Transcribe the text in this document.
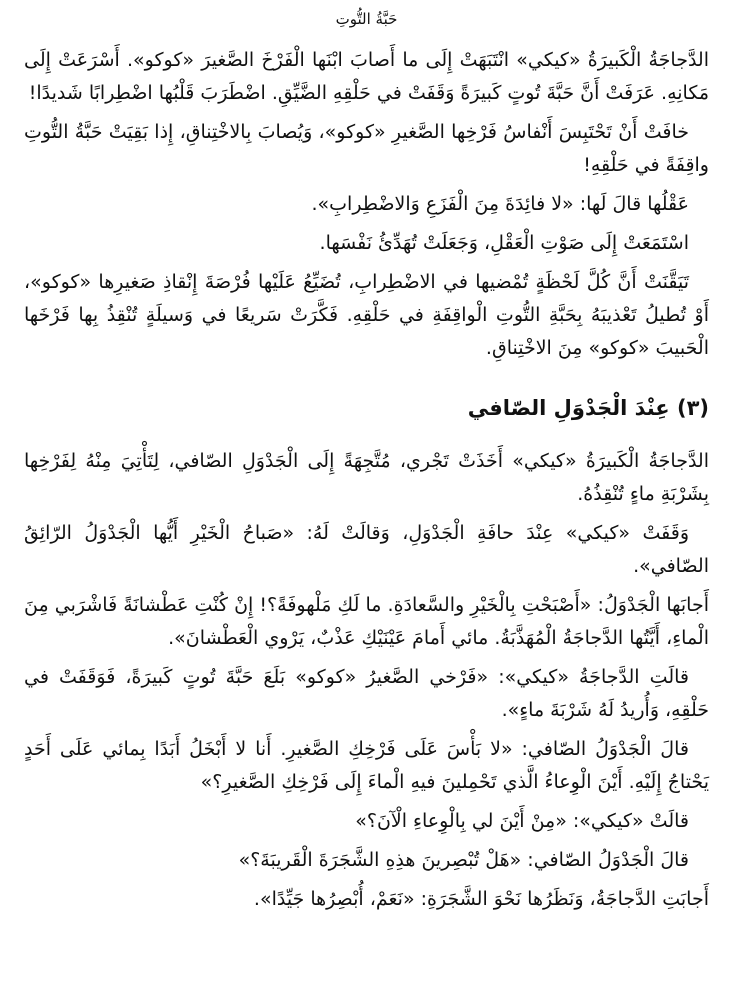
حَبَّةُ التُّوتِ

الدَّجاجَةُ الْكَبيرَةُ «كيكي» انْتَبَهَتْ إِلَى ما أَصابَ ابْنَها الْفَرْخَ الصَّغيرَ «كوكو». أَسْرَعَتْ إِلَى مَكانِهِ. عَرَفَتْ أَنَّ حَبَّةَ تُوتٍ كَبيرَةً وَقَفَتْ في حَلْقِهِ الضَّيِّقِ. اضْطَرَبَ قَلْبُها اضْطِرابًا شَديدًا!

خافَتْ أَنْ تَحْتَبِسَ أَنْفاسُ فَرْخِها الصَّغيرِ «كوكو»، وَيُصابَ بِالاخْتِناقِ، إِذا بَقِيَتْ حَبَّةُ التُّوتِ واقِفَةً في حَلْقِهِ!

عَقْلُها قالَ لَها: «لا فائِدَةَ مِنَ الْفَزَعِ وَالاضْطِرابِ».

اسْتَمَعَتْ إِلَى صَوْتِ الْعَقْلِ، وَجَعَلَتْ تُهَدِّئُ نَفْسَها.

تَيَقَّنَتْ أَنَّ كُلَّ لَحْظَةٍ تُمْضيها في الاضْطِرابِ، تُضَيِّعُ عَلَيْها فُرْصَةَ إِنْقاذِ صَغيرِها «كوكو»، أَوْ تُطيلُ تَعْذيبَهُ بِحَبَّةِ التُّوتِ الْواقِفَةِ في حَلْقِهِ. فَكَّرَتْ سَريعًا في وَسيلَةٍ تُنْقِذُ بِها فَرْخَها الْحَبيبَ «كوكو» مِنَ الاخْتِناقِ.

(٣) عِنْدَ الْجَدْوَلِ الصّافي

الدَّجاجَةُ الْكَبيرَةُ «كيكي» أَخَذَتْ تَجْري، مُتَّجِهَةً إِلَى الْجَدْوَلِ الصّافي، لِتَأْتِيَ مِنْهُ لِفَرْخِها بِشَرْبَةِ ماءٍ تُنْقِذُهُ.

وَقَفَتْ «كيكي» عِنْدَ حافَةِ الْجَدْوَلِ، وَقالَتْ لَهُ: «صَباحُ الْخَيْرِ أَيُّها الْجَدْوَلُ الرّائِقُ الصّافي».

أَجابَها الْجَدْوَلُ: «أَصْبَحْتِ بِالْخَيْرِ والسَّعادَةِ. ما لَكِ مَلْهوفَةً؟! إِنْ كُنْتِ عَطْشانَةً فَاشْرَبي مِنَ الْماءِ، أَيَّتُها الدَّجاجَةُ الْمُهَذَّبَةُ. مائي أَمامَ عَيْنَيْكِ عَذْبٌ، يَرْوي الْعَطْشانَ».

قالَتِ الدَّجاجَةُ «كيكي»: «فَرْخي الصَّغيرُ «كوكو» بَلَعَ حَبَّةَ تُوتٍ كَبيرَةً، فَوَقَفَتْ في حَلْقِهِ، وَأُريدُ لَهُ شَرْبَةَ ماءٍ».

قالَ الْجَدْوَلُ الصّافي: «لا بَأْسَ عَلَى فَرْخِكِ الصَّغيرِ. أَنا لا أَبْخَلُ أَبَدًا بِمائي عَلَى أَحَدٍ يَحْتاجُ إِلَيْهِ. أَيْنَ الْوِعاءُ الَّذي تَحْمِلينَ فيهِ الْماءَ إِلَى فَرْخِكِ الصَّغيرِ؟»

قالَتْ «كيكي»: «مِنْ أَيْنَ لي بِالْوِعاءِ الْآنَ؟»

قالَ الْجَدْوَلُ الصّافي: «هَلْ تُبْصِرينَ هذِهِ الشَّجَرَةَ الْقَريبَةَ؟»

أَجابَتِ الدَّجاجَةُ، وَنَظَرُها نَحْوَ الشَّجَرَةِ: «نَعَمْ، أُبْصِرُها جَيِّدًا».
